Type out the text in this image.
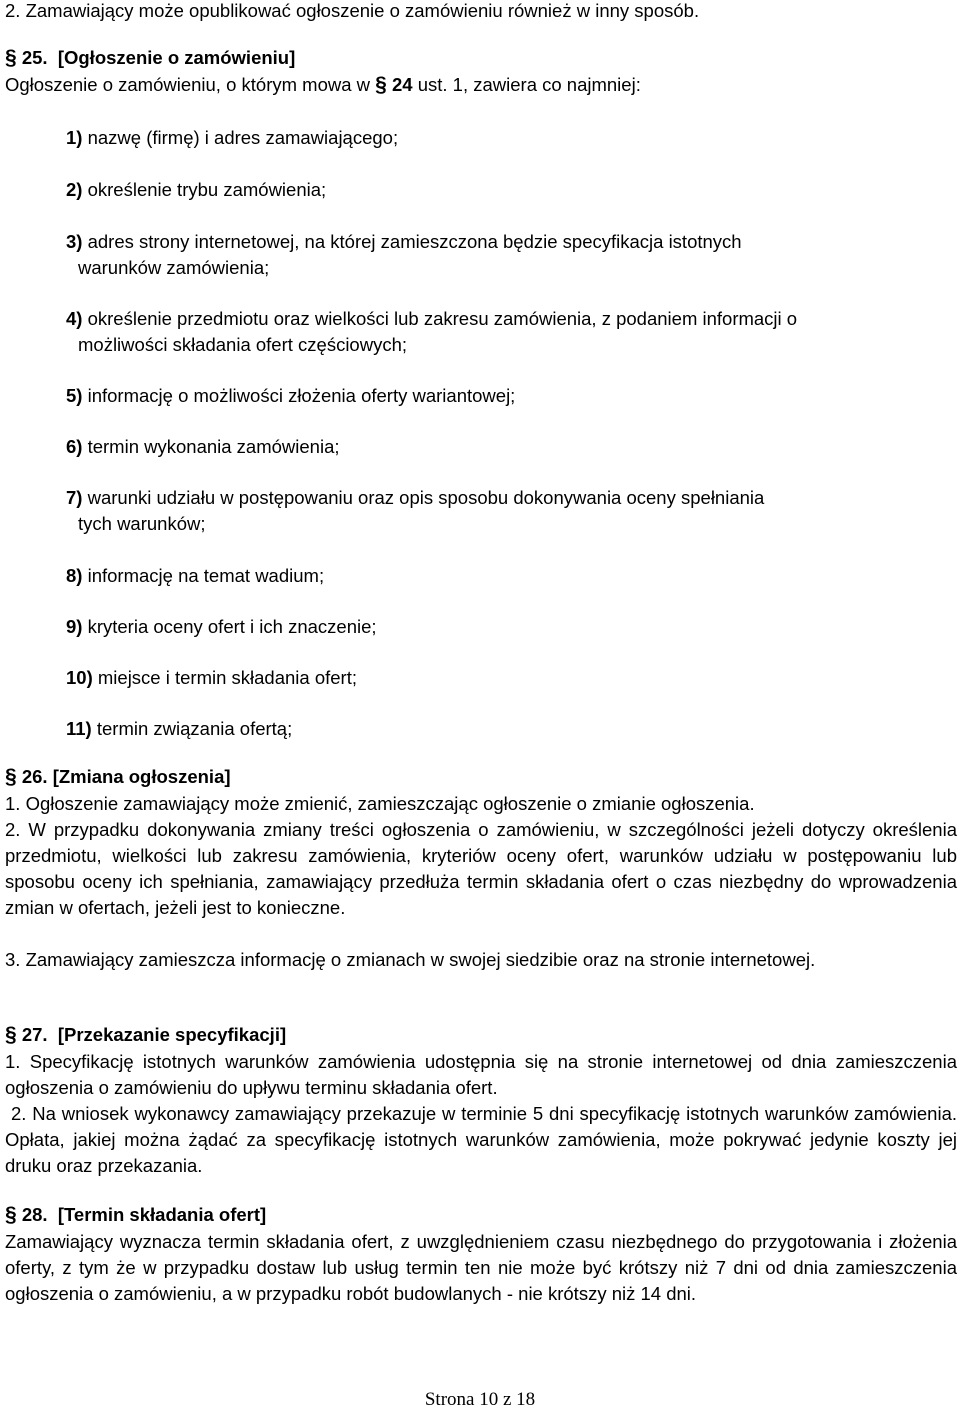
2. Zamawiający może opublikować ogłoszenie o zamówieniu również w inny sposób.
§ 25. [Ogłoszenie o zamówieniu]
Ogłoszenie o zamówieniu, o którym mowa w § 24 ust. 1, zawiera co najmniej:
1) nazwę (firmę) i adres zamawiającego;
2) określenie trybu zamówienia;
3) adres strony internetowej, na której zamieszczona będzie specyfikacja istotnych
warunków zamówienia;
4) określenie przedmiotu oraz wielkości lub zakresu zamówienia, z podaniem informacji o
możliwości składania ofert częściowych;
5) informację o możliwości złożenia oferty wariantowej;
6) termin wykonania zamówienia;
7) warunki udziału w postępowaniu oraz opis sposobu dokonywania oceny spełniania
tych warunków;
8) informację na temat wadium;
9) kryteria oceny ofert i ich znaczenie;
10) miejsce i termin składania ofert;
11) termin związania ofertą;
§ 26. [Zmiana ogłoszenia]
1. Ogłoszenie zamawiający może zmienić, zamieszczając ogłoszenie o zmianie ogłoszenia.
2. W przypadku dokonywania zmiany treści ogłoszenia o zamówieniu, w szczególności jeżeli dotyczy określenia przedmiotu, wielkości lub zakresu zamówienia, kryteriów oceny ofert, warunków udziału w postępowaniu lub sposobu oceny ich spełniania, zamawiający przedłuża termin składania ofert o czas niezbędny do wprowadzenia zmian w ofertach, jeżeli jest to konieczne.
3. Zamawiający zamieszcza informację o zmianach w swojej siedzibie oraz na stronie internetowej.
§ 27. [Przekazanie specyfikacji]
1. Specyfikację istotnych warunków zamówienia udostępnia się na stronie internetowej od dnia zamieszczenia ogłoszenia o zamówieniu do upływu terminu składania ofert.
2. Na wniosek wykonawcy zamawiający przekazuje w terminie 5 dni specyfikację istotnych warunków zamówienia. Opłata, jakiej można żądać za specyfikację istotnych warunków zamówienia, może pokrywać jedynie koszty jej druku oraz przekazania.
§ 28. [Termin składania ofert]
Zamawiający wyznacza termin składania ofert, z uwzględnieniem czasu niezbędnego do przygotowania i złożenia oferty, z tym że w przypadku dostaw lub usług termin ten nie może być krótszy niż 7 dni od dnia zamieszczenia ogłoszenia o zamówieniu, a w przypadku robót budowlanych - nie krótszy niż 14 dni.
Strona 10 z 18
